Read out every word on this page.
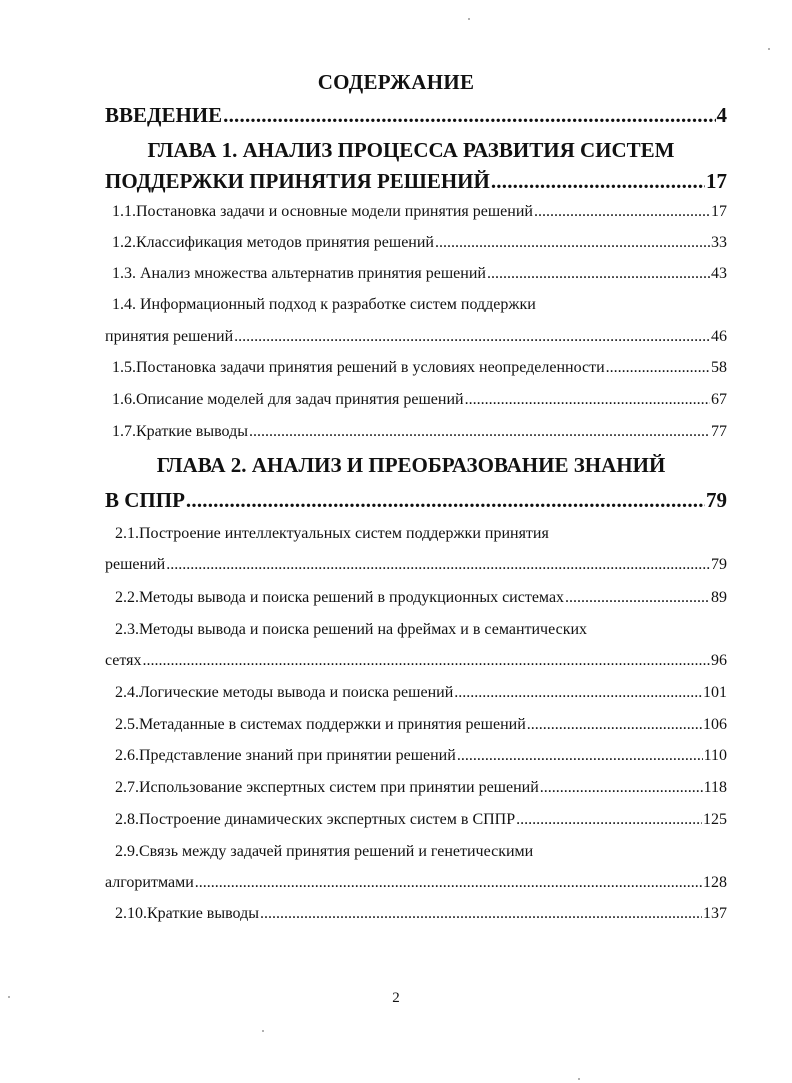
СОДЕРЖАНИЕ
ВВЕДЕНИЕ .....	4
ГЛАВА 1. АНАЛИЗ ПРОЦЕССА РАЗВИТИЯ СИСТЕМ
ПОДДЕРЖКИ ПРИНЯТИЯ РЕШЕНИЙ .....	17
1.1.Постановка задачи и основные модели принятия решений .....	17
1.2.Классификация методов принятия решений .....	33
1.3. Анализ множества альтернатив принятия решений .....	43
1.4. Информационный подход к разработке систем поддержки
принятия решений .....	46
1.5.Постановка задачи принятия решений в условиях неопределенности .....	58
1.6.Описание моделей для задач принятия решений .....	67
1.7.Краткие выводы .....	77
ГЛАВА 2. АНАЛИЗ И ПРЕОБРАЗОВАНИЕ ЗНАНИЙ
В СППР .....	79
2.1.Построение интеллектуальных систем поддержки принятия
решений .....	79
2.2.Методы вывода и поиска решений в продукционных системах .....	89
2.3.Методы вывода и поиска решений на фреймах и в семантических
сетях .....	96
2.4.Логические методы вывода и поиска решений .....	101
2.5.Метаданные в системах поддержки и принятия решений .....	106
2.6.Представление знаний при принятии решений .....	110
2.7.Использование экспертных систем при принятии решений .....	118
2.8.Построение динамических экспертных систем в СППР .....	125
2.9.Связь между задачей принятия решений и генетическими
алгоритмами .....	128
2.10.Краткие выводы .....	137
2
